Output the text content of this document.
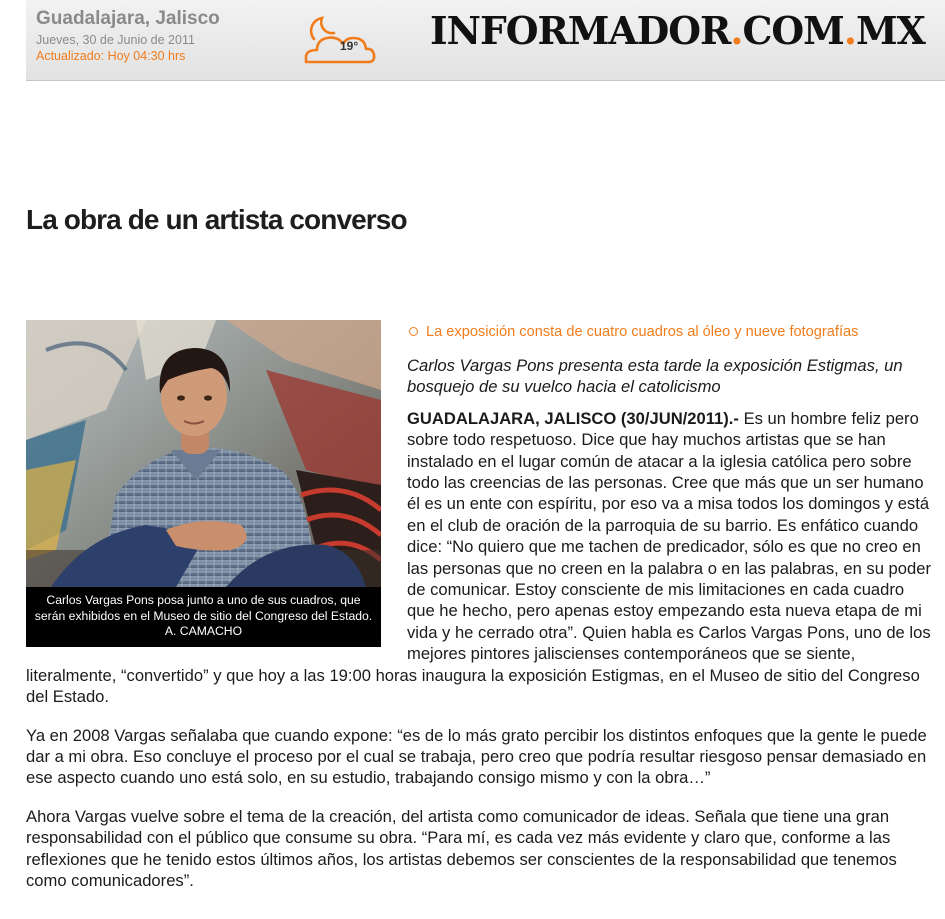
Guadalajara, Jalisco
Jueves, 30 de Junio de 2011
Actualizado: Hoy 04:30 hrs
19° INFORMADOR.COM.MX
La obra de un artista converso
Carlos Vargas Pons posa junto a uno de sus cuadros, que serán exhibidos en el Museo de sitio del Congreso del Estado. A. CAMACHO

La exposición consta de cuatro cuadros al óleo y nueve fotografías

Carlos Vargas Pons presenta esta tarde la exposición Estigmas, un bosquejo de su vuelco hacia el catolicismo

GUADALAJARA, JALISCO (30/JUN/2011).- Es un hombre feliz pero sobre todo respetuoso. Dice que hay muchos artistas que se han instalado en el lugar común de atacar a la iglesia católica pero sobre todo las creencias de las personas. Cree que más que un ser humano él es un ente con espíritu, por eso va a misa todos los domingos y está en el club de oración de la parroquia de su barrio. Es enfático cuando dice: “No quiero que me tachen de predicador, sólo es que no creo en las personas que no creen en la palabra o en las palabras, en su poder de comunicar. Estoy consciente de mis limitaciones en cada cuadro que he hecho, pero apenas estoy empezando esta nueva etapa de mi vida y he cerrado otra”. Quien habla es Carlos Vargas Pons, uno de los mejores pintores jaliscienses contemporáneos que se siente, literalmente, “convertido” y que hoy a las 19:00 horas inaugura la exposición Estigmas, en el Museo de sitio del Congreso del Estado.

Ya en 2008 Vargas señalaba que cuando expone: “es de lo más grato percibir los distintos enfoques que la gente le puede dar a mi obra. Eso concluye el proceso por el cual se trabaja, pero creo que podría resultar riesgoso pensar demasiado en ese aspecto cuando uno está solo, en su estudio, trabajando consigo mismo y con la obra…”

Ahora Vargas vuelve sobre el tema de la creación, del artista como comunicador de ideas. Señala que tiene una gran responsabilidad con el público que consume su obra. “Para mí, es cada vez más evidente y claro que, conforme a las reflexiones que he tenido estos últimos años, los artistas debemos ser conscientes de la responsabilidad que tenemos como comunicadores”.
